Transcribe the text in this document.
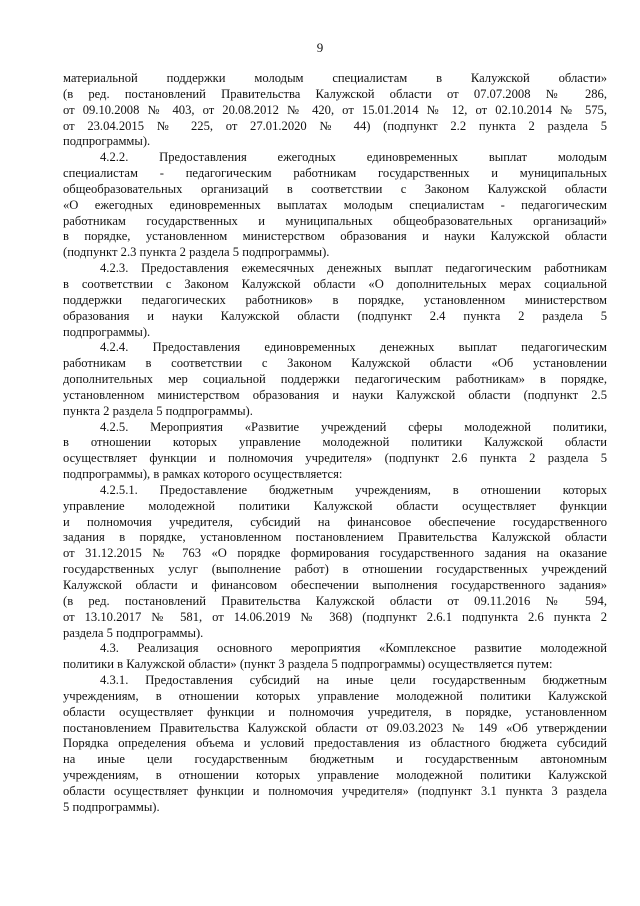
9
материальной поддержки молодым специалистам в Калужской области»
(в ред. постановлений Правительства Калужской области от 07.07.2008 № 286,
от 09.10.2008 № 403, от 20.08.2012 № 420, от 15.01.2014 № 12, от 02.10.2014 № 575,
от 23.04.2015 № 225, от 27.01.2020 № 44) (подпункт 2.2 пункта 2 раздела 5
подпрограммы).
4.2.2. Предоставления ежегодных единовременных выплат молодым
специалистам - педагогическим работникам государственных и муниципальных
общеобразовательных организаций в соответствии с Законом Калужской области
«О ежегодных единовременных выплатах молодым специалистам - педагогическим
работникам государственных и муниципальных общеобразовательных организаций»
в порядке, установленном министерством образования и науки Калужской области
(подпункт 2.3 пункта 2 раздела 5 подпрограммы).
4.2.3. Предоставления ежемесячных денежных выплат педагогическим работникам
в соответствии с Законом Калужской области «О дополнительных мерах социальной
поддержки педагогических работников» в порядке, установленном министерством
образования и науки Калужской области (подпункт 2.4 пункта 2 раздела 5
подпрограммы).
4.2.4. Предоставления единовременных денежных выплат педагогическим
работникам в соответствии с Законом Калужской области «Об установлении
дополнительных мер социальной поддержки педагогическим работникам» в порядке,
установленном министерством образования и науки Калужской области (подпункт 2.5
пункта 2 раздела 5 подпрограммы).
4.2.5. Мероприятия «Развитие учреждений сферы молодежной политики,
в отношении которых управление молодежной политики Калужской области
осуществляет функции и полномочия учредителя» (подпункт 2.6 пункта 2 раздела 5
подпрограммы), в рамках которого осуществляется:
4.2.5.1. Предоставление бюджетным учреждениям, в отношении которых
управление молодежной политики Калужской области осуществляет функции
и полномочия учредителя, субсидий на финансовое обеспечение государственного
задания в порядке, установленном постановлением Правительства Калужской области
от 31.12.2015 № 763 «О порядке формирования государственного задания на оказание
государственных услуг (выполнение работ) в отношении государственных учреждений
Калужской области и финансовом обеспечении выполнения государственного задания»
(в ред. постановлений Правительства Калужской области от 09.11.2016 № 594,
от 13.10.2017 № 581, от 14.06.2019 № 368) (подпункт 2.6.1 подпункта 2.6 пункта 2
раздела 5 подпрограммы).
4.3. Реализация основного мероприятия «Комплексное развитие молодежной
политики в Калужской области» (пункт 3 раздела 5 подпрограммы) осуществляется путем:
4.3.1. Предоставления субсидий на иные цели государственным бюджетным
учреждениям, в отношении которых управление молодежной политики Калужской
области осуществляет функции и полномочия учредителя, в порядке, установленном
постановлением Правительства Калужской области от 09.03.2023 № 149 «Об утверждении
Порядка определения объема и условий предоставления из областного бюджета субсидий
на иные цели государственным бюджетным и государственным автономным
учреждениям, в отношении которых управление молодежной политики Калужской
области осуществляет функции и полномочия учредителя» (подпункт 3.1 пункта 3 раздела
5 подпрограммы).
